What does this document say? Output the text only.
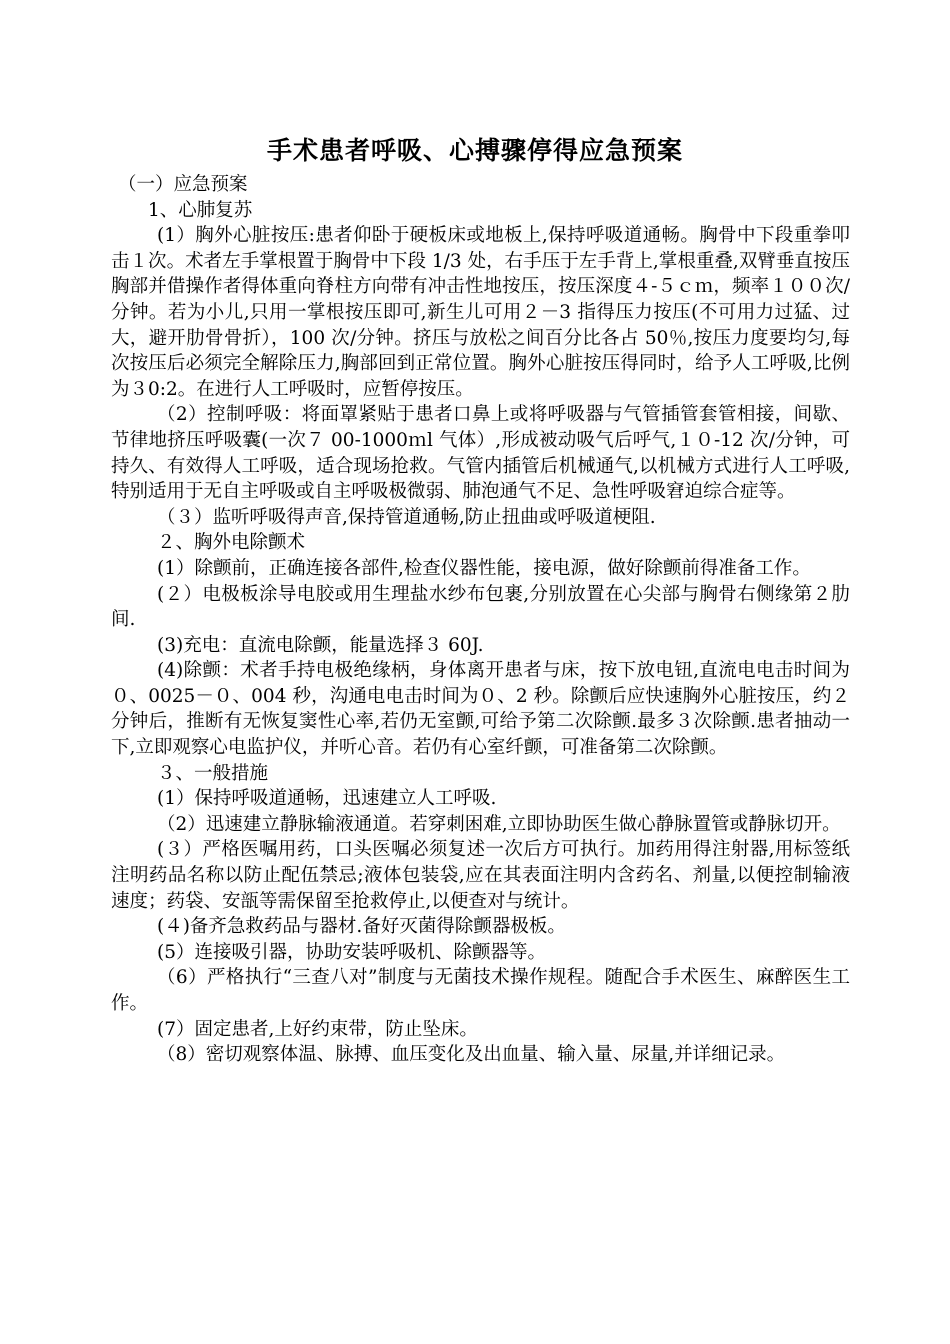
手术患者呼吸、心搏骤停得应急预案

（一）应急预案

1、心肺复苏

(1）胸外心脏按压:患者仰卧于硬板床或地板上,保持呼吸道通畅。胸骨中下段重拳叩击１次。术者左手掌根置于胸骨中下段 1/3 处，右手压于左手背上,掌根重叠,双臂垂直按压胸部并借操作者得体重向脊柱方向带有冲击性地按压，按压深度４-５ｃｍ，频率１００次/分钟。若为小儿,只用一掌根按压即可,新生儿可用２－3 指得压力按压(不可用力过猛、过大，避开肋骨骨折），100 次/分钟。挤压与放松之间百分比各占 50％,按压力度要均匀,每次按压后必须完全解除压力,胸部回到正常位置。胸外心脏按压得同时，给予人工呼吸,比例为３0:2。在进行人工呼吸时，应暂停按压。

（2）控制呼吸：将面罩紧贴于患者口鼻上或将呼吸器与气管插管套管相接，间歇、节律地挤压呼吸囊(一次７ 00-1000ｍl 气体）,形成被动吸气后呼气,１０-12 次/分钟，可持久、有效得人工呼吸，适合现场抢救。气管内插管后机械通气,以机械方式进行人工呼吸,特别适用于无自主呼吸或自主呼吸极微弱、肺泡通气不足、急性呼吸窘迫综合症等。

（３）监听呼吸得声音,保持管道通畅,防止扭曲或呼吸道梗阻.

２、胸外电除颤术

(1）除颤前，正确连接各部件,检查仪器性能，接电源，做好除颤前得准备工作。

(２）电极板涂导电胶或用生理盐水纱布包裹,分别放置在心尖部与胸骨右侧缘第２肋间.

(3)充电：直流电除颤，能量选择３ 60J.

(4)除颤：术者手持电极绝缘柄，身体离开患者与床，按下放电钮,直流电电击时间为０、0025－０、004 秒，沟通电电击时间为０、2 秒。除颤后应快速胸外心脏按压，约２分钟后，推断有无恢复窦性心率,若仍无室颤,可给予第二次除颤.最多３次除颤.患者抽动一下,立即观察心电监护仪，并听心音。若仍有心室纤颤，可准备第二次除颤。

３、一般措施

(1）保持呼吸道通畅，迅速建立人工呼吸.

（2）迅速建立静脉输液通道。若穿刺困难,立即协助医生做心静脉置管或静脉切开。

(３）严格医嘱用药，口头医嘱必须复述一次后方可执行。加药用得注射器,用标签纸注明药品名称以防止配伍禁忌;液体包装袋,应在其表面注明内含药名、剂量,以便控制输液速度；药袋、安瓿等需保留至抢救停止,以便查对与统计。

(４)备齐急救药品与器材.备好灭菌得除颤器极板。

(5）连接吸引器，协助安装呼吸机、除颤器等。

（6）严格执行“三查八对”制度与无菌技术操作规程。随配合手术医生、麻醉医生工作。

(7）固定患者,上好约束带，防止坠床。

（8）密切观察体温、脉搏、血压变化及出血量、输入量、尿量,并详细记录。
